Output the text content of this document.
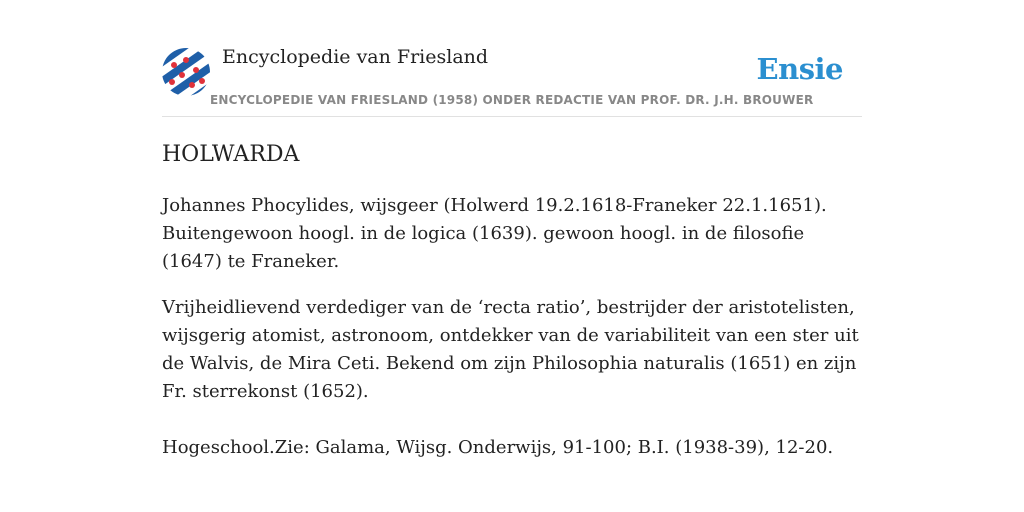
Encyclopedie van Friesland
ENCYCLOPEDIE VAN FRIESLAND (1958) ONDER REDACTIE VAN PROF. DR. J.H. BROUWER
Ensie
HOLWARDA

Johannes Phocylides, wijsgeer (Holwerd 19.2.1618-Franeker 22.1.1651). Buitengewoon hoogl. in de logica (1639). gewoon hoogl. in de filosofie (1647) te Franeker.

Vrijheidlievend verdediger van de ‘recta ratio’, bestrijder der aristotelisten, wijsgerig atomist, astronoom, ontdekker van de variabiliteit van een ster uit de Walvis, de Mira Ceti. Bekend om zijn Philosophia naturalis (1651) en zijn Fr. sterrekonst (1652).

Hogeschool.Zie: Galama, Wijsg. Onderwijs, 91-100; B.I. (1938-39), 12-20.
